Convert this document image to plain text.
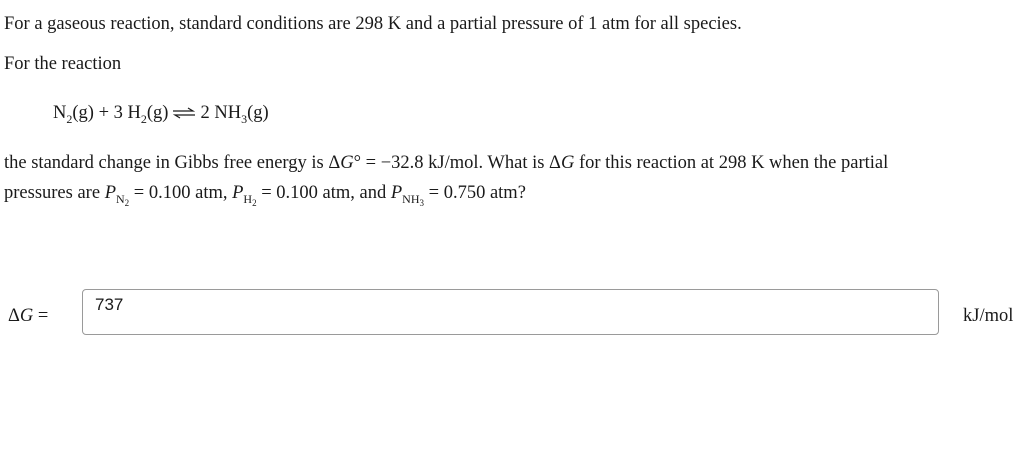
For a gaseous reaction, standard conditions are 298 K and a partial pressure of 1 atm for all species.
For the reaction
$N_2(g) + 3$ $H_2(g)$ ⇌ 2 $NH_3(g)$
the standard change in Gibbs free energy is ΔG° = −32.8 kJ/mol. What is ΔG for this reaction at 298 K when the partial
pressures are $P_{N_2} = 0.100$ atm, $P_{H_2} = 0.100$ atm, and $P_{NH_3} = 0.750$ atm?
ΔG =
737	kJ/mol
